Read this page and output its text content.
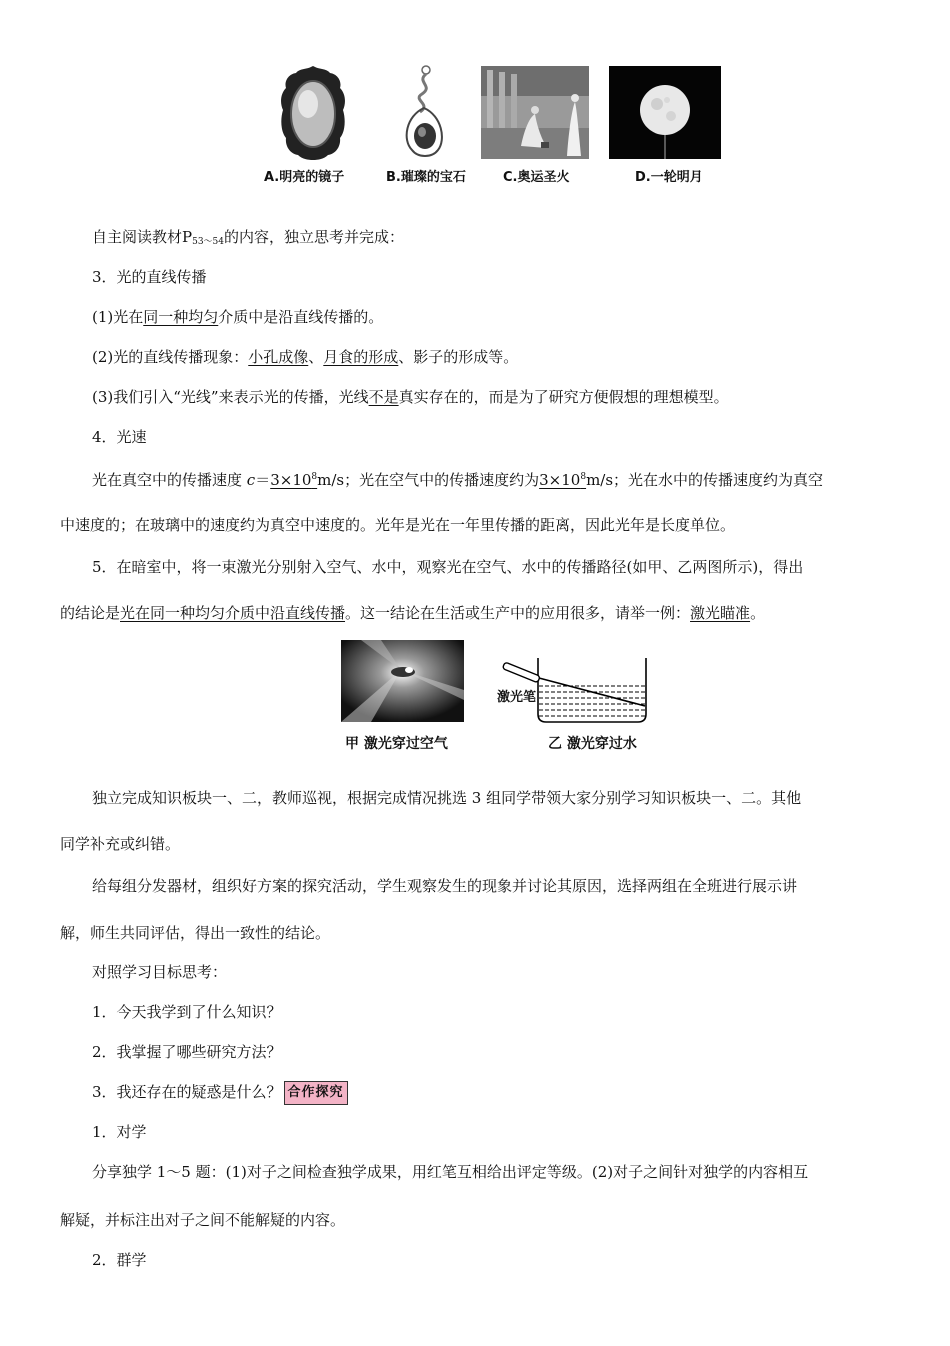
A.明亮的镜子	B.璀璨的宝石	C.奥运圣火	D.一轮明月
自主阅读教材$P_{53\sim 54}$的内容，独立思考并完成：
3．光的直线传播
(1)光在同一种均匀介质中是沿直线传播的。
(2)光的直线传播现象：小孔成像、月食的形成、影子的形成等。
(3)我们引入“光线”来表示光的传播，光线不是真实存在的，而是为了研究方便假想的理想模型。
4．光速
光在真空中的传播速度 $c=3\times 10^8m/s$；光在空气中的传播速度约为$3\times 10^8m/s$；光在水中的传播速度约为真空
中速度的；在玻璃中的速度约为真空中速度的。光年是光在一年里传播的距离，因此光年是长度单位。
5．在暗室中，将一束激光分别射入空气、水中，观察光在空气、水中的传播路径(如甲、乙两图所示)，得出
的结论是光在同一种均匀介质中沿直线传播。这一结论在生活或生产中的应用很多，请举一例：激光瞄准。
激光笔
甲 激光穿过空气	乙 激光穿过水
独立完成知识板块一、二，教师巡视，根据完成情况挑选 3 组同学带领大家分别学习知识板块一、二。其他
同学补充或纠错。
给每组分发器材，组织好方案的探究活动，学生观察发生的现象并讨论其原因，选择两组在全班进行展示讲
解，师生共同评估，得出一致性的结论。
对照学习目标思考：
1．今天我学到了什么知识？
2．我掌握了哪些研究方法？
3．我还存在的疑惑是什么？ 合作探究
1．对学
分享独学 1～5 题：(1)对子之间检查独学成果，用红笔互相给出评定等级。(2)对子之间针对独学的内容相互
解疑，并标注出对子之间不能解疑的内容。
2．群学
